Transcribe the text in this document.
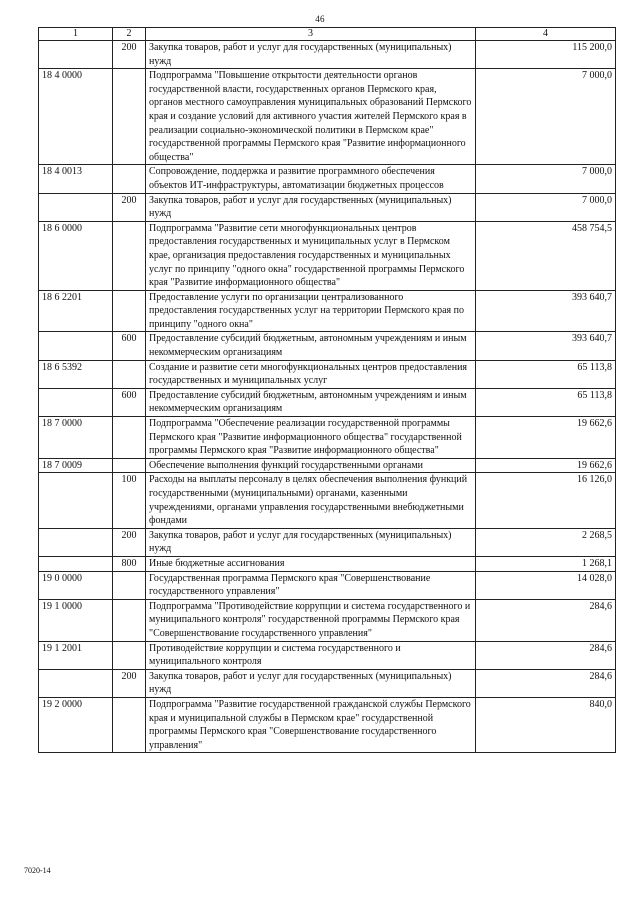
46
1	2	3	4
	200	Закупка товаров, работ и услуг для государственных (муниципальных) нужд	115 200,0
18 4 0000		Подпрограмма "Повышение открытости деятельности органов государственной власти, государственных органов Пермского края, органов местного самоуправления муниципальных образований Пермского края и создание условий для активного участия жителей Пермского края в реализации социально-экономической политики в Пермском крае" государственной программы Пермского края "Развитие информационного общества"	7 000,0
18 4 0013		Сопровождение, поддержка и развитие программного обеспечения объектов ИТ-инфраструктуры, автоматизации бюджетных процессов	7 000,0
	200	Закупка товаров, работ и услуг для государственных (муниципальных) нужд	7 000,0
18 6 0000		Подпрограмма "Развитие сети многофункциональных центров предоставления государственных и муниципальных услуг в Пермском крае, организация предоставления государственных и муниципальных услуг по принципу "одного окна" государственной программы Пермского края "Развитие информационного общества"	458 754,5
18 6 2201		Предоставление услуги по организации централизованного предоставления государственных услуг на территории Пермского края по принципу "одного окна"	393 640,7
	600	Предоставление субсидий бюджетным, автономным учреждениям и иным некоммерческим организациям	393 640,7
18 6 5392		Создание и развитие сети многофункциональных центров предоставления государственных и муниципальных услуг	65 113,8
	600	Предоставление субсидий бюджетным, автономным учреждениям и иным некоммерческим организациям	65 113,8
18 7 0000		Подпрограмма "Обеспечение реализации государственной программы Пермского края "Развитие информационного общества" государственной программы Пермского края "Развитие информационного общества"	19 662,6
18 7 0009		Обеспечение выполнения функций государственными органами	19 662,6
	100	Расходы на выплаты персоналу в целях обеспечения выполнения функций государственными (муниципальными) органами, казенными учреждениями, органами управления государственными внебюджетными фондами	16 126,0
	200	Закупка товаров, работ и услуг для государственных (муниципальных) нужд	2 268,5
	800	Иные бюджетные ассигнования	1 268,1
19 0 0000		Государственная программа Пермского края "Совершенствование государственного управления"	14 028,0
19 1 0000		Подпрограмма "Противодействие коррупции и система государственного и муниципального контроля" государственной программы Пермского края "Совершенствование государственного управления"	284,6
19 1 2001		Противодействие коррупции и система государственного и муниципального контроля	284,6
	200	Закупка товаров, работ и услуг для государственных (муниципальных) нужд	284,6
19 2 0000		Подпрограмма "Развитие государственной гражданской службы Пермского края и муниципальной службы в Пермском крае" государственной программы Пермского края "Совершенствование государственного управления"	840,0
7020-14
